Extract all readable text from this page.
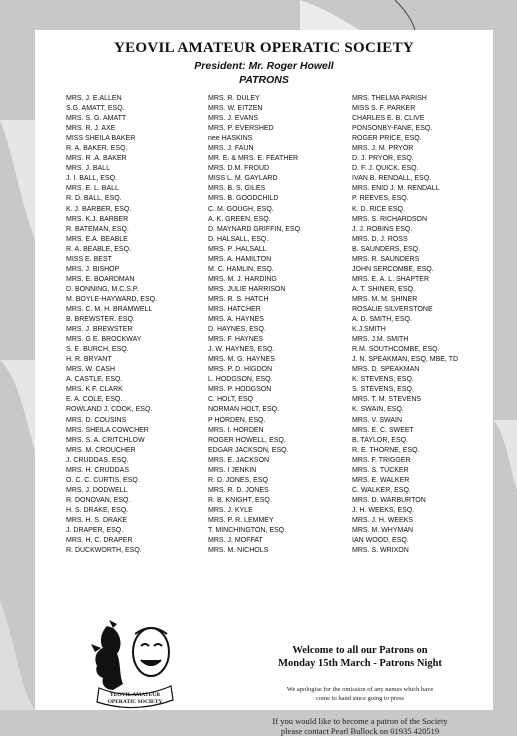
YEOVIL AMATEUR OPERATIC SOCIETY
President: Mr. Roger Howell
PATRONS
MRS. J. E.ALLEN
S.G. AMATT, ESQ.
MRS. S. G. AMATT
MRS. R. J. AXE
MISS SHEILA BAKER
R. A. BAKER, ESQ.
MRS. R .A. BAKER
MRS. J. BALL
J. I. BALL, ESQ.
MRS. E. L. BALL
R. D. BALL, ESQ.
K. J. BARBER, ESQ.
MRS. K.J. BARBER
R. BATEMAN, ESQ.
MRS. E.A. BEABLE
R. A. BEABLE, ESQ.
MISS E. BEST
MRS. J. BISHOP
MRS. E. BOARDMAN
D. BONNING, M.C.S.P.
M. BOYLE-HAYWARD, ESQ.
MRS. C. M. H. BRAMWELL
B. BREWSTER. ESQ.
MRS. J. BREWSTER
MRS. G E. BROCKWAY
S. E. BURCH, ESQ.
H. R. BRYANT
MRS. W. CASH
A. CASTLE, ESQ.
MRS. K F. CLARK
E. A. COLE, ESQ.
ROWLAND J. COOK, ESQ.
MRS. D. COUSINS
MRS. SHEILA COWCHER
MRS. S. A. CRITCHLOW
MRS. M. CROUCHER
J. CRUDDAS, ESQ.
MRS. H. CRUDDAS
O. C. C. CURTIS, ESQ.
MRS. J. DODWELL
R. DONOVAN, ESQ.
H. S. DRAKE, ESQ.
MRS. H. S. DRAKE
J. DRAPER, ESQ.
MRS. H. C. DRAPER
R. DUCKWORTH, ESQ.
MRS. R. DULEY
MRS. W. EITZEN
MRS. J. EVANS
MRS. P. EVERSHED
nee HASKINS
MRS. J. FAUN
MR. E. & MRS. E. FEATHER
MRS. D.M. FROUD
MISS L. M. GAYLARD
MRS. B. S. GILES
MRS. B. GOODCHILD
C. M. GOUGH, ESQ.
A. K. GREEN, ESQ.
D. MAYNARD GRIFFIN, ESQ.
D. HALSALL, ESQ.
MRS. P .HALSALL
MRS. A. HAMILTON
M. C. HAMLIN, ESQ.
MRS. M. J. HARDING
MRS. JULIE HARRISON
MRS. R. S. HATCH
MRS. HATCHER
MRS. A. HAYNES
D. HAYNES, ESQ.
MRS. F. HAYNES
J. W. HAYNES, ESQ.
MRS. M. G. HAYNES
MRS. P. D. HIGDON
L. HODGSON, ESQ.
MRS. P. HODGSON
C. HOLT, ESQ
NORMAN HOLT, ESQ.
P HORDEN, ESQ.
MRS. I. HORDEN
ROGER HOWELL, ESQ.
EDGAR JACKSON, ESQ.
MRS. E. JACKSON
MRS. I JENKIN
R. D. JONES, ESQ
MRS. R. D. JONES
R. B. KNIGHT, ESQ.
MRS. J. KYLE
MRS. P. R. LEMMEY
T. MINCHINGTON, ESQ.
MRS. J. MOFFAT
MRS. M. NICHOLS
MRS. THELMA PARISH
MISS S. F. PARKER
CHARLES E. B. CLIVE
PONSONBY-FANE, ESQ.
ROGER PRICE, ESQ.
MRS. J. M. PRYOR
D. J. PRYOR, ESQ.
D. F. J. QUICK, ESQ.
IVAN B. RENDALL, ESQ.
MRS. ENID J. M. RENDALL
P. REEVES, ESQ.
K. D. RICE ESQ.
MRS. S. RICHARDSON
J. J. ROBINS ESQ.
MRS. D. J. ROSS
B. SAUNDERS, ESQ.
MRS. R. SAUNDERS
JOHN SERCOMBE, ESQ.
MRS. E. A. L. SHAPTER
A. T. SHINER, ESQ.
MRS. M. M. SHINER
ROSALIE SILVERSTONE
A. D. SMITH, ESQ.
K.J.SMITH
MRS. J.M. SMITH
R.M. SOUTHCOMBE, ESQ.
J. N. SPEAKMAN, ESQ, MBE, TD
MRS. D. SPEAKMAN
K. STEVENS, ESQ.
S. STEVENS, ESQ.
MRS. T. M. STEVENS
K. SWAIN, ESQ.
MRS. V. SWAIN
MRS. E. C. SWEET
B. TAYLOR, ESQ.
R. E. THORNE, ESQ.
MRS. F. TRIGGER
MRS. S. TUCKER
MRS. E. WALKER
C. WALKER, ESQ.
MRS. D. WARBURTON
J. H. WEEKS, ESQ.
MRS. J. H. WEEKS
MRS. M. WHYMAN
IAN WOOD, ESQ.
MRS. S. WRIXON
YEOVIL AMATEUR
OPERATIC SOCIETY
Welcome to all our Patrons on
Monday 15th March - Patrons Night
We apologise for the omission of any names which have
come to hand since going to press
If you would like to become a patron of the Society
please contact Pearl Bullock on 01935 420519
